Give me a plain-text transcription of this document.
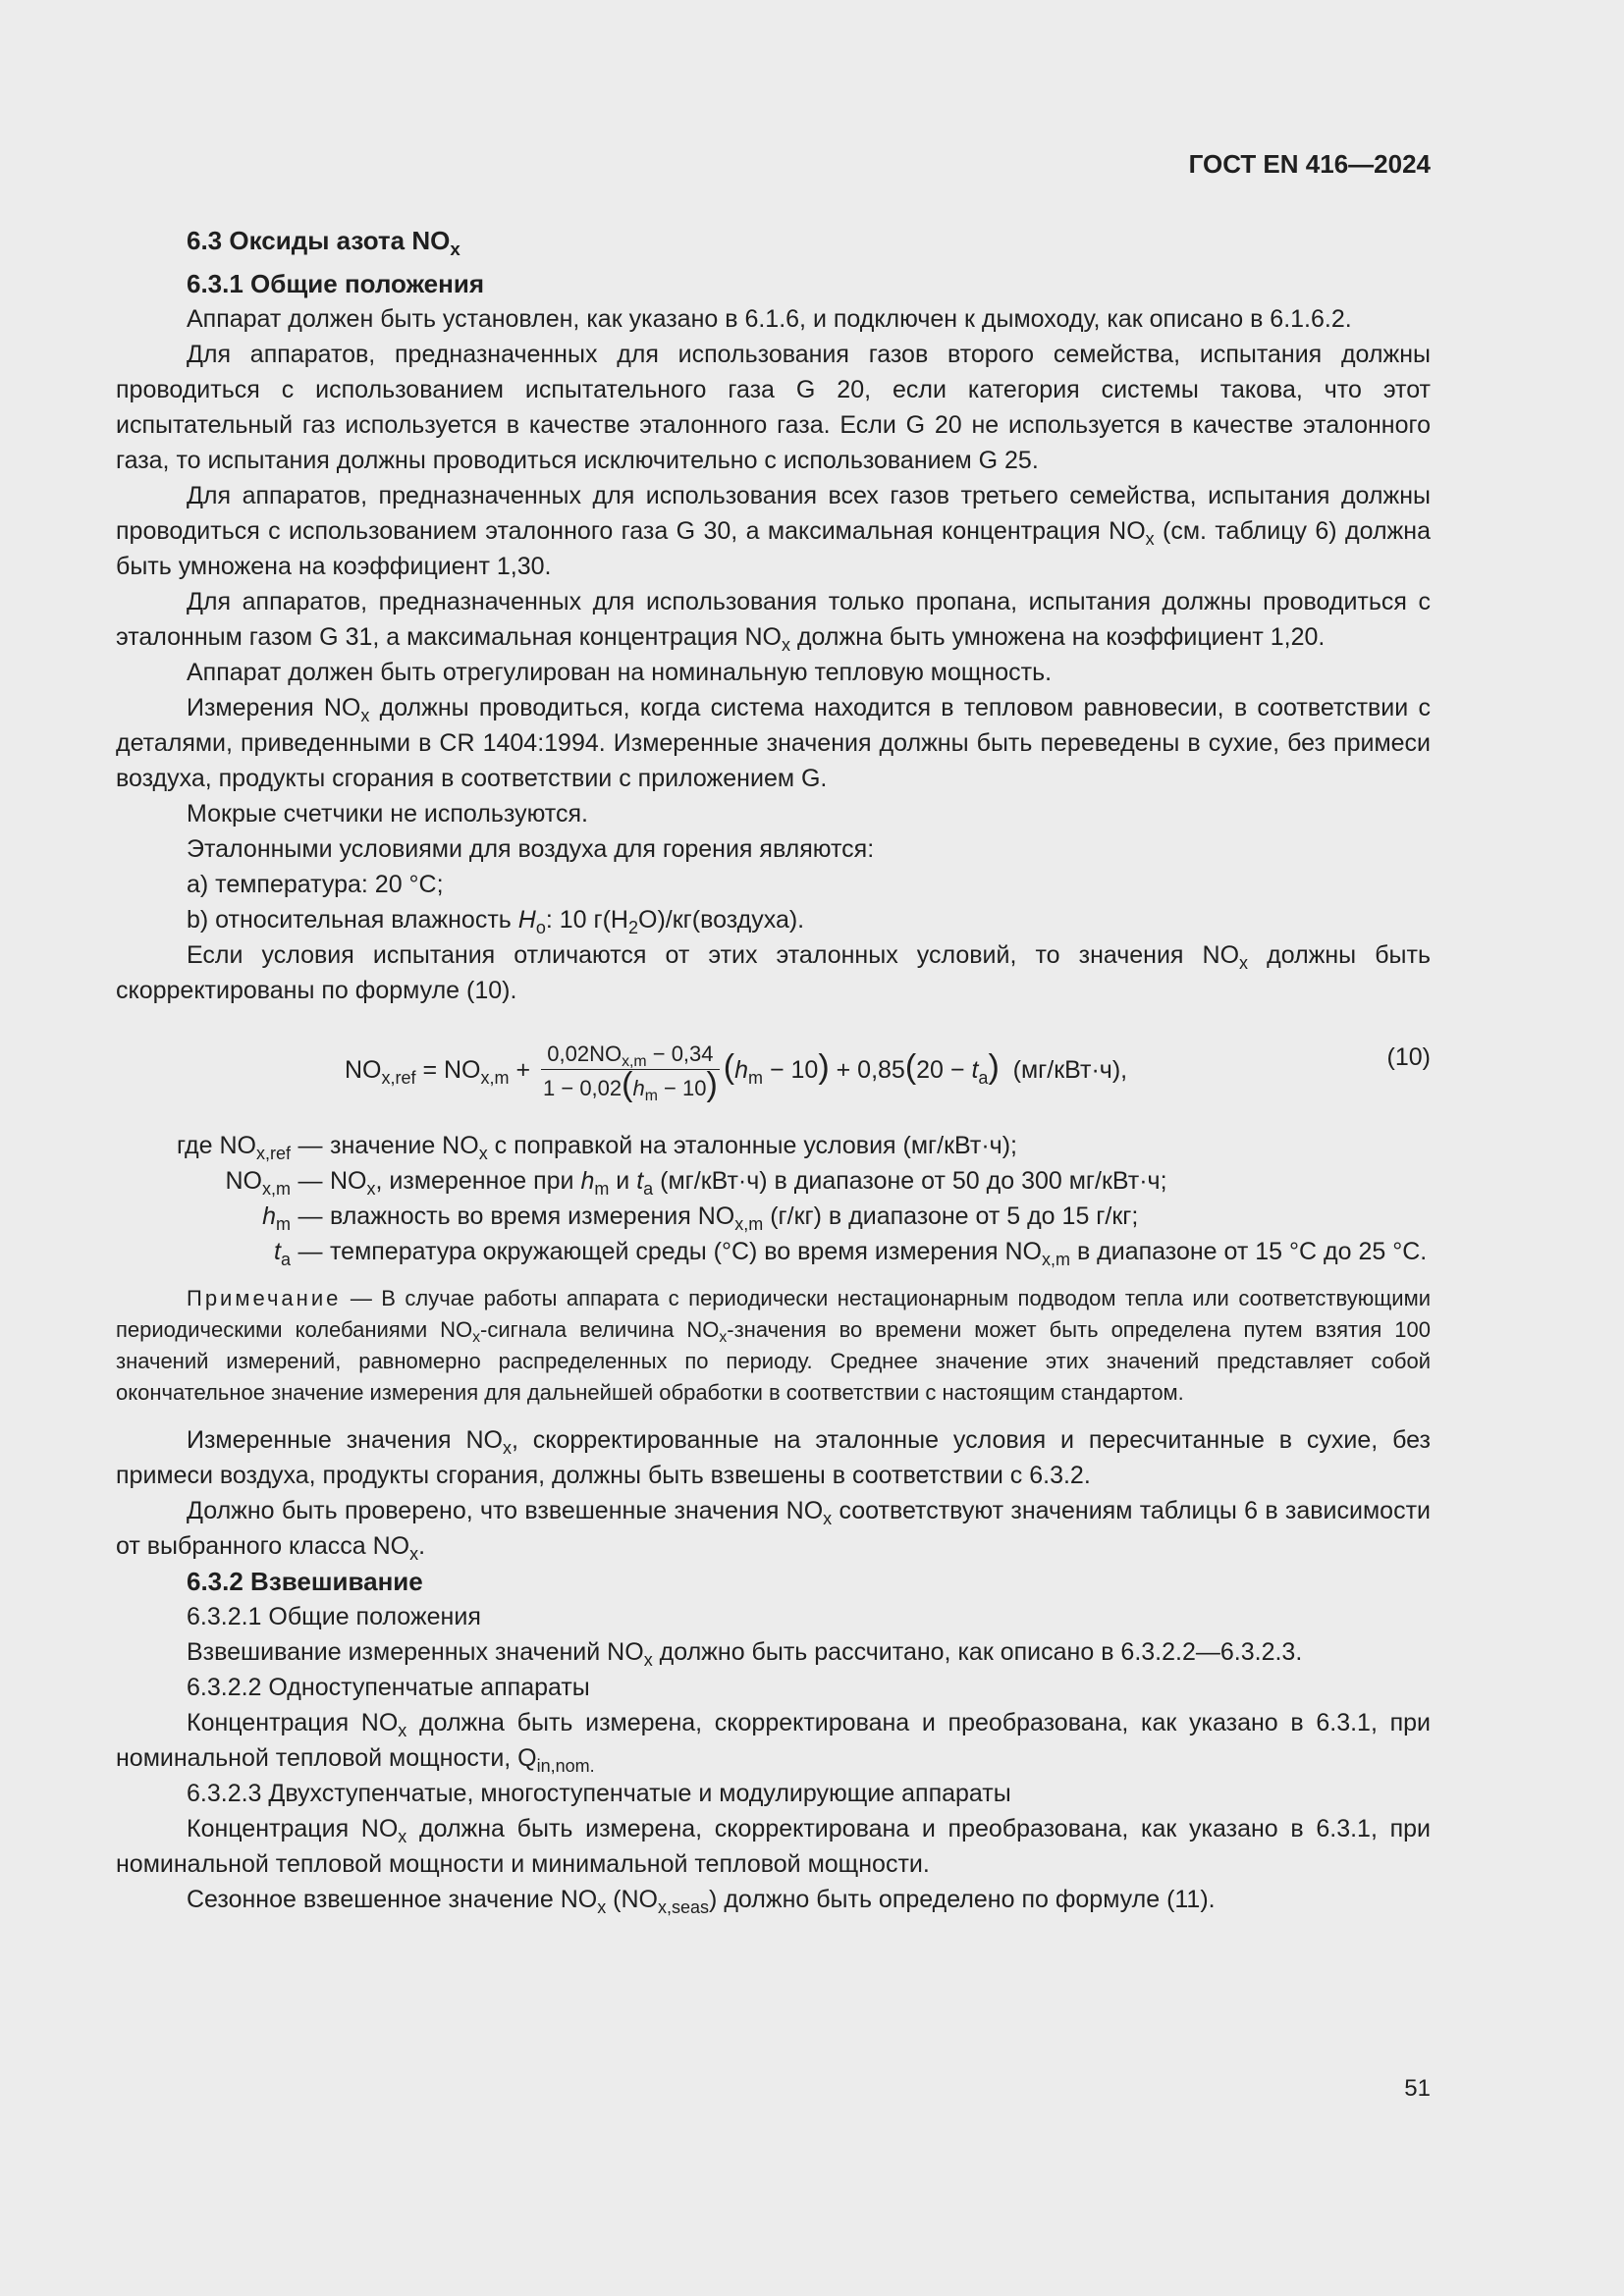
ГОСТ EN 416—2024

6.3 Оксиды азота $NO_x$

6.3.1 Общие положения

Аппарат должен быть установлен, как указано в 6.1.6, и подключен к дымоходу, как описано в 6.1.6.2.

Для аппаратов, предназначенных для использования газов второго семейства, испытания должны проводиться с использованием испытательного газа G 20, если категория системы такова, что этот испытательный газ используется в качестве эталонного газа. Если G 20 не используется в качестве эталонного газа, то испытания должны проводиться исключительно с использованием G 25.

Для аппаратов, предназначенных для использования всех газов третьего семейства, испытания должны проводиться с использованием эталонного газа G 30, а максимальная концентрация $NO_x$ (см. таблицу 6) должна быть умножена на коэффициент 1,30.

Для аппаратов, предназначенных для использования только пропана, испытания должны проводиться с эталонным газом G 31, а максимальная концентрация $NO_x$ должна быть умножена на коэффициент 1,20.

Аппарат должен быть отрегулирован на номинальную тепловую мощность.

Измерения $NO_x$ должны проводиться, когда система находится в тепловом равновесии, в соответствии с деталями, приведенными в CR 1404:1994. Измеренные значения должны быть переведены в сухие, без примеси воздуха, продукты сгорания в соответствии с приложением G.

Мокрые счетчики не используются.

Эталонными условиями для воздуха для горения являются:

a) температура: 20 °C;

b) относительная влажность $H_o$: 10 $г(H_2O)/кг(воздуха)$.

Если условия испытания отличаются от этих эталонных условий, то значения $NO_x$ должны быть скорректированы по формуле (10).

$NO_{x,ref} = NO_{x,m} + \frac{0,02NO_{x,m} - 0,34}{1 - 0,02(h_m - 10)} (h_m - 10) + 0,85(20 - t_a)$ (мг/кВт·ч),	(10)
где $NO_{x,ref}$ — значение $NO_x$ с поправкой на эталонные условия (мг/кВт·ч);
$NO_{x,m}$ — $NO_x$, измеренное при $h_m$ и $t_a$ (мг/кВт·ч) в диапазоне от 50 до 300 мг/кВт·ч;
$h_m$ — влажность во время измерения $NO_{x,m}$ (г/кг) в диапазоне от 5 до 15 г/кг;
$t_a$ — температура окружающей среды (°C) во время измерения $NO_{x,m}$ в диапазоне от 15 °C до 25 °C.

Примечание — В случае работы аппарата с периодически нестационарным подводом тепла или соответствующими периодическими колебаниями $NO_x$-сигнала величина $NO_x$-значения во времени может быть определена путем взятия 100 значений измерений, равномерно распределенных по периоду. Среднее значение этих значений представляет собой окончательное значение измерения для дальнейшей обработки в соответствии с настоящим стандартом.

Измеренные значения $NO_x$, скорректированные на эталонные условия и пересчитанные в сухие, без примеси воздуха, продукты сгорания, должны быть взвешены в соответствии с 6.3.2.

Должно быть проверено, что взвешенные значения $NO_x$ соответствуют значениям таблицы 6 в зависимости от выбранного класса $NO_x$.

6.3.2 Взвешивание

6.3.2.1 Общие положения

Взвешивание измеренных значений $NO_x$ должно быть рассчитано, как описано в 6.3.2.2—6.3.2.3.

6.3.2.2 Одноступенчатые аппараты

Концентрация $NO_x$ должна быть измерена, скорректирована и преобразована, как указано в 6.3.1, при номинальной тепловой мощности, $Q_{in,nom.}$

6.3.2.3 Двухступенчатые, многоступенчатые и модулирующие аппараты

Концентрация $NO_x$ должна быть измерена, скорректирована и преобразована, как указано в 6.3.1, при номинальной тепловой мощности и минимальной тепловой мощности.

Сезонное взвешенное значение $NO_x$ $(NO_{x,seas})$ должно быть определено по формуле (11).

51
